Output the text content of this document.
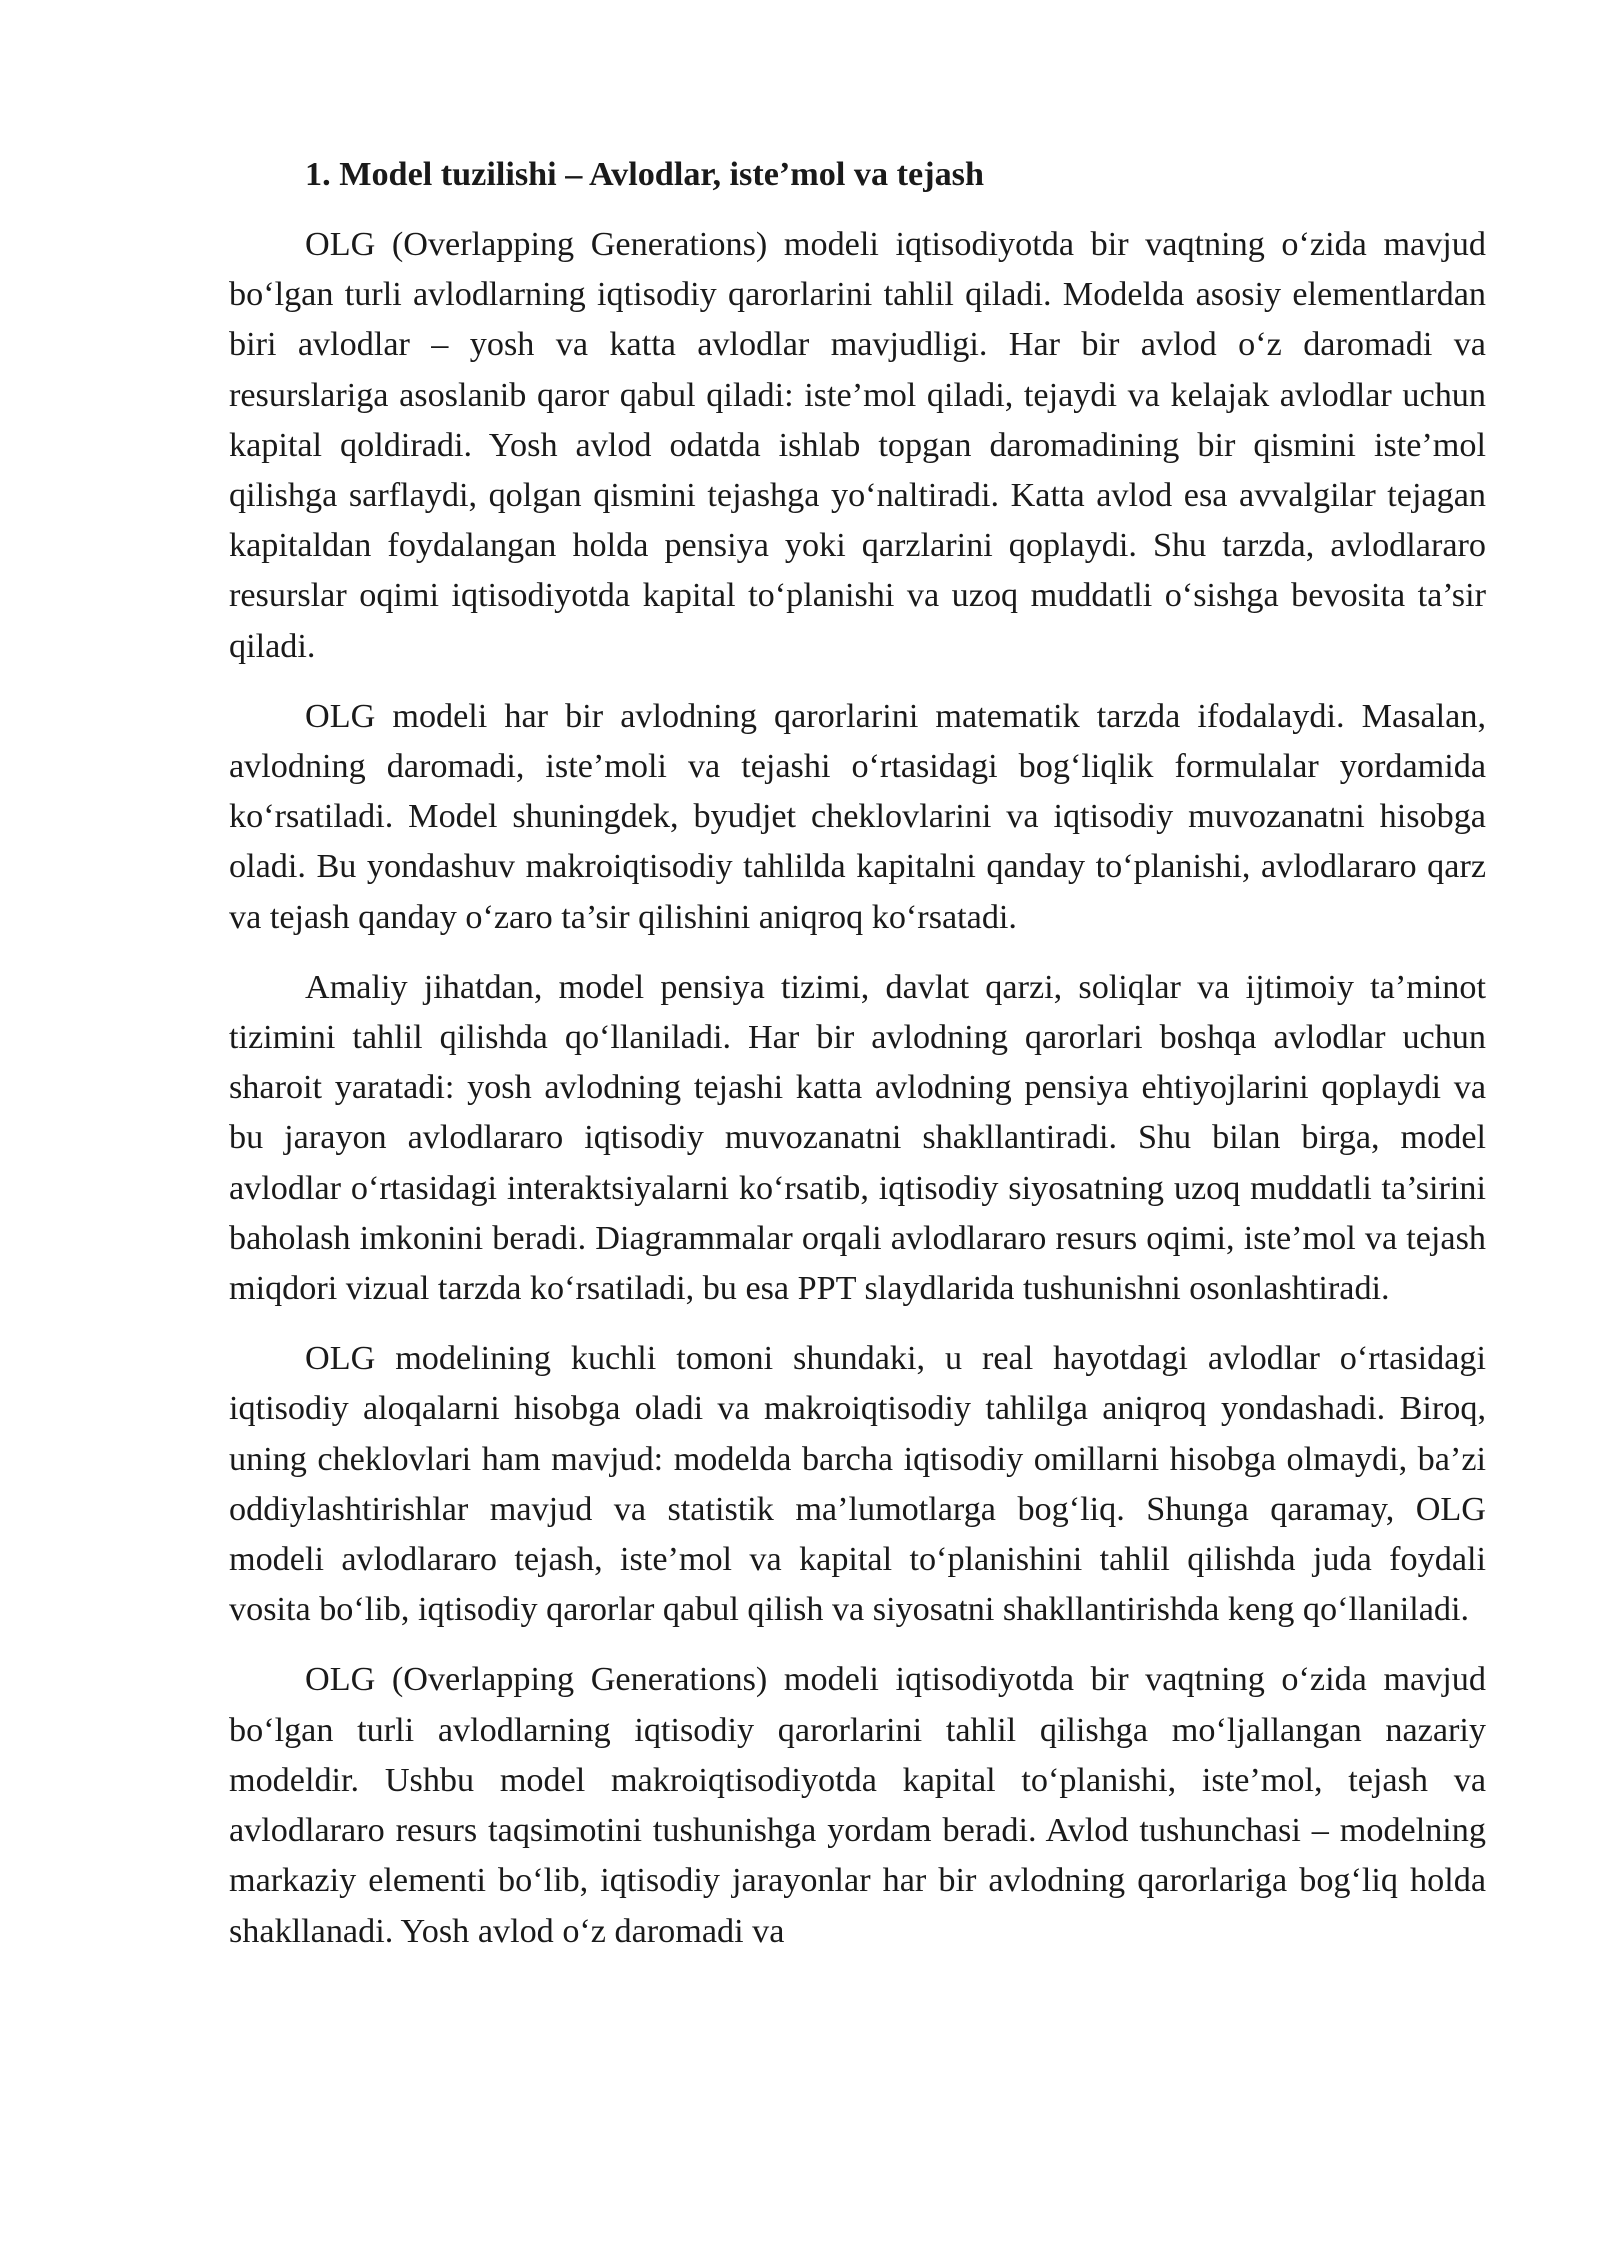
1. Model tuzilishi – Avlodlar, iste’mol va tejash

OLG (Overlapping Generations) modeli iqtisodiyotda bir vaqtning o‘zida mavjud bo‘lgan turli avlodlarning iqtisodiy qarorlarini tahlil qiladi. Modelda asosiy elementlardan biri avlodlar – yosh va katta avlodlar mavjudligi. Har bir avlod o‘z daromadi va resurslariga asoslanib qaror qabul qiladi: iste’mol qiladi, tejaydi va kelajak avlodlar uchun kapital qoldiradi. Yosh avlod odatda ishlab topgan daromadining bir qismini iste’mol qilishga sarflaydi, qolgan qismini tejashga yo‘naltiradi. Katta avlod esa avvalgilar tejagan kapitaldan foydalangan holda pensiya yoki qarzlarini qoplaydi. Shu tarzda, avlodlararo resurslar oqimi iqtisodiyotda kapital to‘planishi va uzoq muddatli o‘sishga bevosita ta’sir qiladi.

OLG modeli har bir avlodning qarorlarini matematik tarzda ifodalaydi. Masalan, avlodning daromadi, iste’moli va tejashi o‘rtasidagi bog‘liqlik formulalar yordamida ko‘rsatiladi. Model shuningdek, byudjet cheklovlarini va iqtisodiy muvozanatni hisobga oladi. Bu yondashuv makroiqtisodiy tahlilda kapitalni qanday to‘planishi, avlodlararo qarz va tejash qanday o‘zaro ta’sir qilishini aniqroq ko‘rsatadi.

Amaliy jihatdan, model pensiya tizimi, davlat qarzi, soliqlar va ijtimoiy ta’minot tizimini tahlil qilishda qo‘llaniladi. Har bir avlodning qarorlari boshqa avlodlar uchun sharoit yaratadi: yosh avlodning tejashi katta avlodning pensiya ehtiyojlarini qoplaydi va bu jarayon avlodlararo iqtisodiy muvozanatni shakllantiradi. Shu bilan birga, model avlodlar o‘rtasidagi interaktsiyalarni ko‘rsatib, iqtisodiy siyosatning uzoq muddatli ta’sirini baholash imkonini beradi. Diagrammalar orqali avlodlararo resurs oqimi, iste’mol va tejash miqdori vizual tarzda ko‘rsatiladi, bu esa PPT slaydlarida tushunishni osonlashtiradi.

OLG modelining kuchli tomoni shundaki, u real hayotdagi avlodlar o‘rtasidagi iqtisodiy aloqalarni hisobga oladi va makroiqtisodiy tahlilga aniqroq yondashadi. Biroq, uning cheklovlari ham mavjud: modelda barcha iqtisodiy omillarni hisobga olmaydi, ba’zi oddiylashtirishlar mavjud va statistik ma’lumotlarga bog‘liq. Shunga qaramay, OLG modeli avlodlararo tejash, iste’mol va kapital to‘planishini tahlil qilishda juda foydali vosita bo‘lib, iqtisodiy qarorlar qabul qilish va siyosatni shakllantirishda keng qo‘llaniladi.

OLG (Overlapping Generations) modeli iqtisodiyotda bir vaqtning o‘zida mavjud bo‘lgan turli avlodlarning iqtisodiy qarorlarini tahlil qilishga mo‘ljallangan nazariy modeldir. Ushbu model makroiqtisodiyotda kapital to‘planishi, iste’mol, tejash va avlodlararo resurs taqsimotini tushunishga yordam beradi. Avlod tushunchasi – modelning markaziy elementi bo‘lib, iqtisodiy jarayonlar har bir avlodning qarorlariga bog‘liq holda shakllanadi. Yosh avlod o‘z daromadi va
